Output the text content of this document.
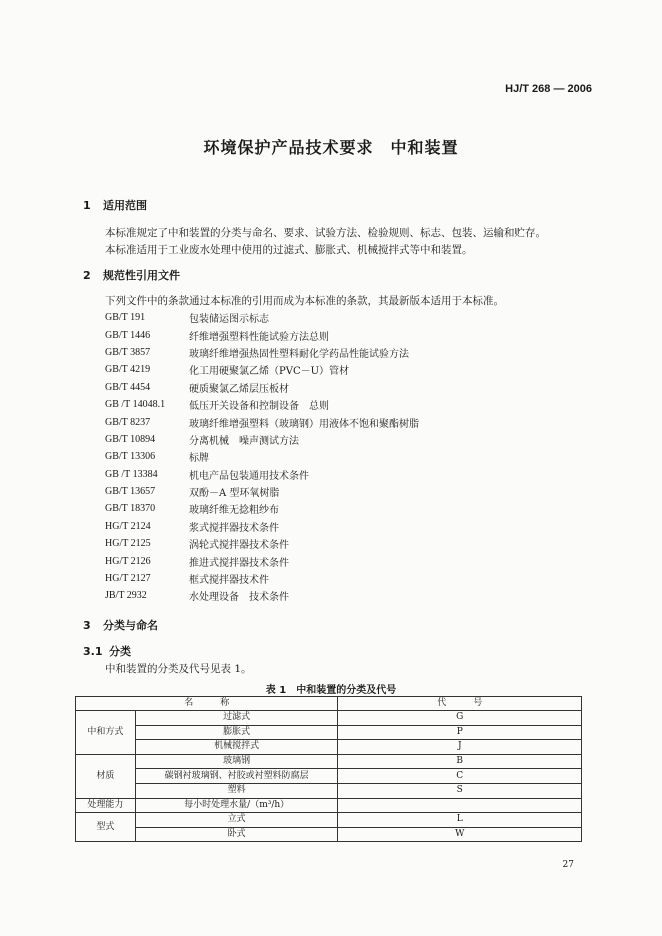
HJ/T 268 — 2006
环境保护产品技术要求　中和装置
1 适用范围
本标准规定了中和装置的分类与命名、要求、试验方法、检验规则、标志、包装、运输和贮存。
本标准适用于工业废水处理中使用的过滤式、膨胀式、机械搅拌式等中和装置。
2 规范性引用文件
下列文件中的条款通过本标准的引用而成为本标准的条款，其最新版本适用于本标准。
GB/T 191	包装储运图示标志
GB/T 1446	纤维增强塑料性能试验方法总则
GB/T 3857	玻璃纤维增强热固性塑料耐化学药品性能试验方法
GB/T 4219	化工用硬聚氯乙烯（PVC－U）管材
GB/T 4454	硬质聚氯乙烯层压板材
GB /T 14048.1	低压开关设备和控制设备　总则
GB/T 8237	玻璃纤维增强塑料（玻璃钢）用液体不饱和聚酯树脂
GB/T 10894	分离机械　噪声测试方法
GB/T 13306	标牌
GB /T 13384	机电产品包装通用技术条件
GB/T 13657	双酚－A 型环氧树脂
GB/T 18370	玻璃纤维无捻粗纱布
HG/T 2124	浆式搅拌器技术条件
HG/T 2125	涡轮式搅拌器技术条件
HG/T 2126	推进式搅拌器技术条件
HG/T 2127	框式搅拌器技术件
JB/T 2932	水处理设备　技术条件
3 分类与命名
3.1 分类
中和装置的分类及代号见表 1。
表 1　中和装置的分类及代号
名　　　称		代　　　号
中和方式	过滤式	G
	膨胀式	P
	机械搅拌式	J
材质	玻璃钢	B
	碳钢衬玻璃钢、衬胶或衬塑料防腐层	C
	塑料	S
处理能力	每小时处理水量/（m³/h）	
型式	立式	L
	卧式	W
27
